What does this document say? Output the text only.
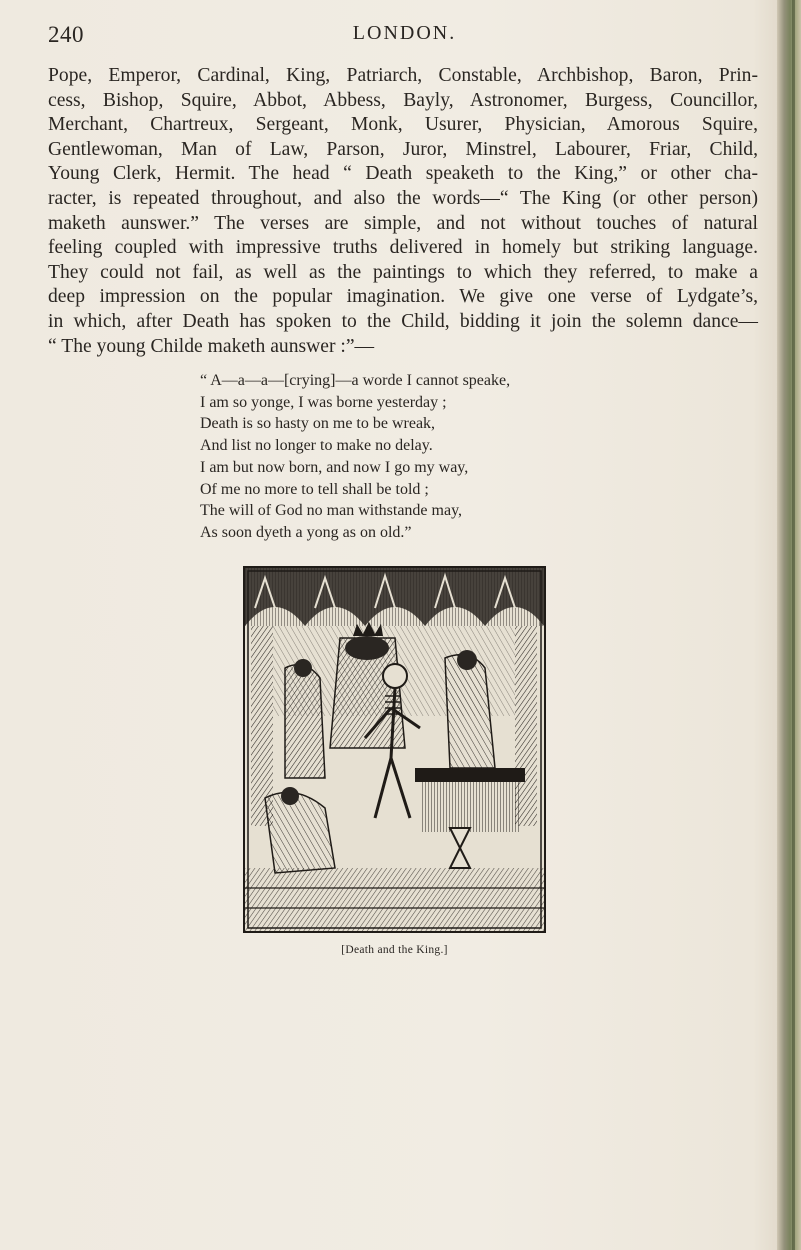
240	LONDON.
Pope, Emperor, Cardinal, King, Patriarch, Constable, Archbishop, Baron, Prin-
cess, Bishop, Squire, Abbot, Abbess, Bayly, Astronomer, Burgess, Councillor,
Merchant, Chartreux, Sergeant, Monk, Usurer, Physician, Amorous Squire,
Gentlewoman, Man of Law, Parson, Juror, Minstrel, Labourer, Friar, Child,
Young Clerk, Hermit. The head “ Death speaketh to the King,” or other cha-
racter, is repeated throughout, and also the words—“ The King (or other person)
maketh aunswer.” The verses are simple, and not without touches of natural
feeling coupled with impressive truths delivered in homely but striking language.
They could not fail, as well as the paintings to which they referred, to make a
deep impression on the popular imagination. We give one verse of Lydgate’s,
in which, after Death has spoken to the Child, bidding it join the solemn dance—
“ The young Childe maketh aunswer :”—
“ A—a—a—[crying]—a worde I cannot speake,
I am so yonge, I was borne yesterday ;
Death is so hasty on me to be wreak,
And list no longer to make no delay.
I am but now born, and now I go my way,
Of me no more to tell shall be told ;
The will of God no man withstande may,
As soon dyeth a yong as on old.”
[Death and the King.]
